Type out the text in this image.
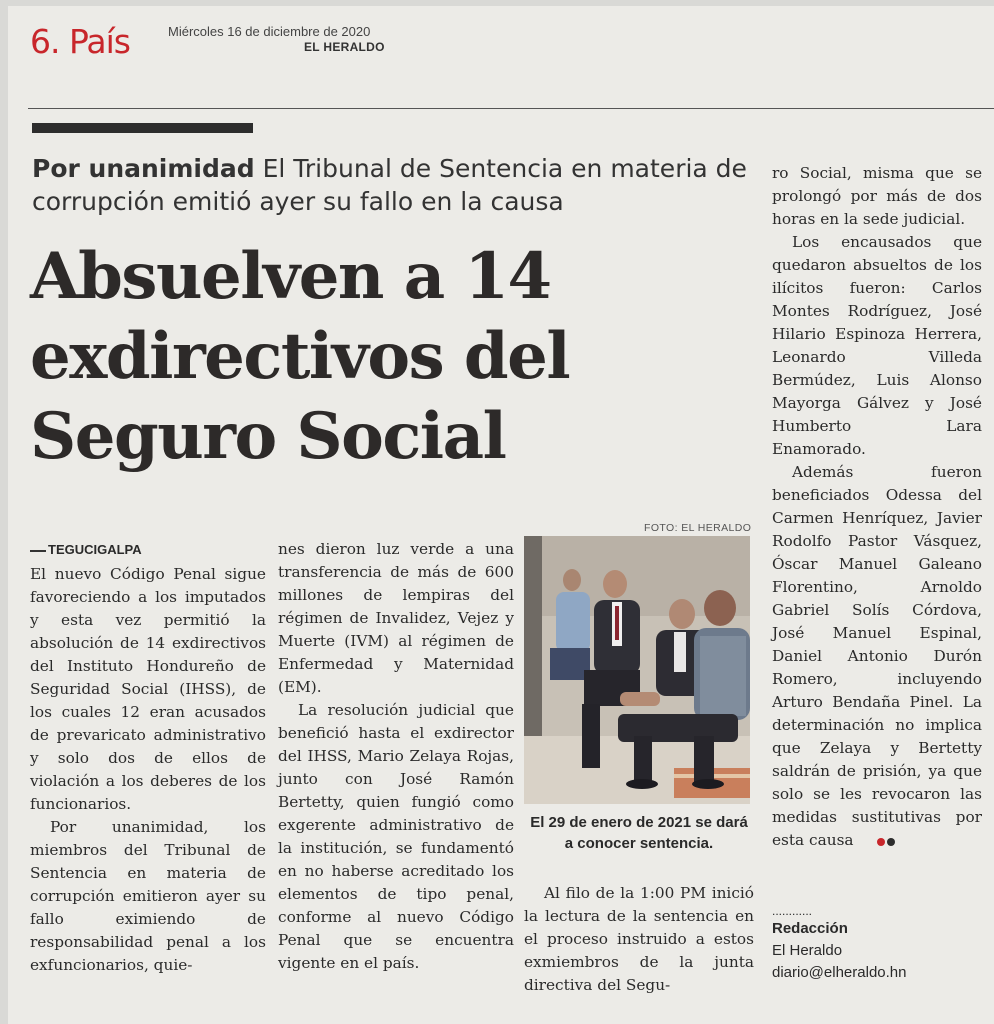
6. País	Miércoles 16 de diciembre de 2020
EL HERALDO
Por unanimidad El Tribunal de Sentencia en materia de corrupción emitió ayer su fallo en la causa
Absuelven a 14 exdirectivos del Seguro Social
TEGUCIGALPA

El nuevo Código Penal sigue favoreciendo a los imputados y esta vez permitió la absolución de 14 exdirectivos del Instituto Hondureño de Seguridad Social (IHSS), de los cuales 12 eran acusados de prevaricato administrativo y solo dos de ellos de violación a los deberes de los funcionarios.

Por unanimidad, los miembros del Tribunal de Sentencia en materia de corrupción emitieron ayer su fallo eximiendo de responsabilidad penal a los exfuncionarios, quie-

nes dieron luz verde a una transferencia de más de 600 millones de lempiras del régimen de Invalidez, Vejez y Muerte (IVM) al régimen de Enfermedad y Maternidad (EM).

La resolución judicial que benefició hasta el exdirector del IHSS, Mario Zelaya Rojas, junto con José Ramón Bertetty, quien fungió como exgerente administrativo de la institución, se fundamentó en no haberse acreditado los elementos de tipo penal, conforme al nuevo Código Penal que se encuentra vigente en el país.

FOTO: EL HERALDO
El 29 de enero de 2021 se dará a conocer sentencia.

Al filo de la 1:00 PM inició la lectura de la sentencia en el proceso instruido a estos exmiembros de la junta directiva del Segu-

ro Social, misma que se prolongó por más de dos horas en la sede judicial.

Los encausados que quedaron absueltos de los ilícitos fueron: Carlos Montes Rodríguez, José Hilario Espinoza Herrera, Leonardo Villeda Bermúdez, Luis Alonso Mayorga Gálvez y José Humberto Lara Enamorado.

Además fueron beneficiados Odessa del Carmen Henríquez, Javier Rodolfo Pastor Vásquez, Óscar Manuel Galeano Florentino, Arnoldo Gabriel Solís Córdova, José Manuel Espinal, Daniel Antonio Durón Romero, incluyendo Arturo Bendaña Pinel. La determinación no implica que Zelaya y Bertetty saldrán de prisión, ya que solo se les revocaron las medidas sustitutivas por esta causa

............
Redacción
El Heraldo
diario@elheraldo.hn
